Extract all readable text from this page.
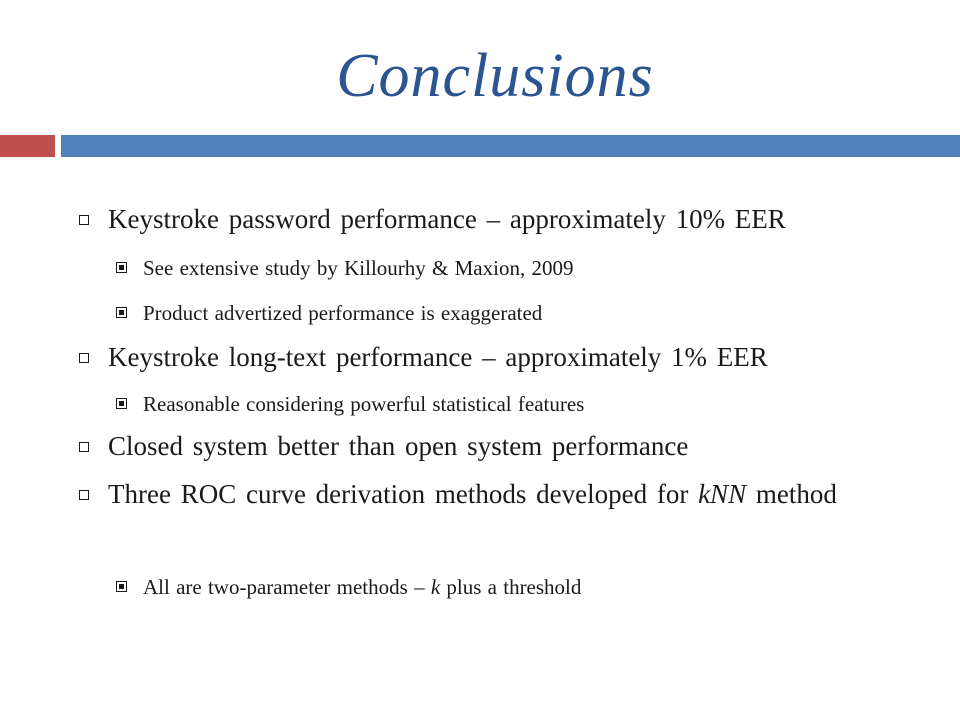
Conclusions
Keystroke password performance – approximately 10% EER
See extensive study by Killourhy & Maxion, 2009
Product advertized performance is exaggerated
Keystroke long-text performance – approximately 1% EER
Reasonable considering powerful statistical features
Closed system better than open system performance
Three ROC curve derivation methods developed for kNN method
All are two-parameter methods – k plus a threshold
